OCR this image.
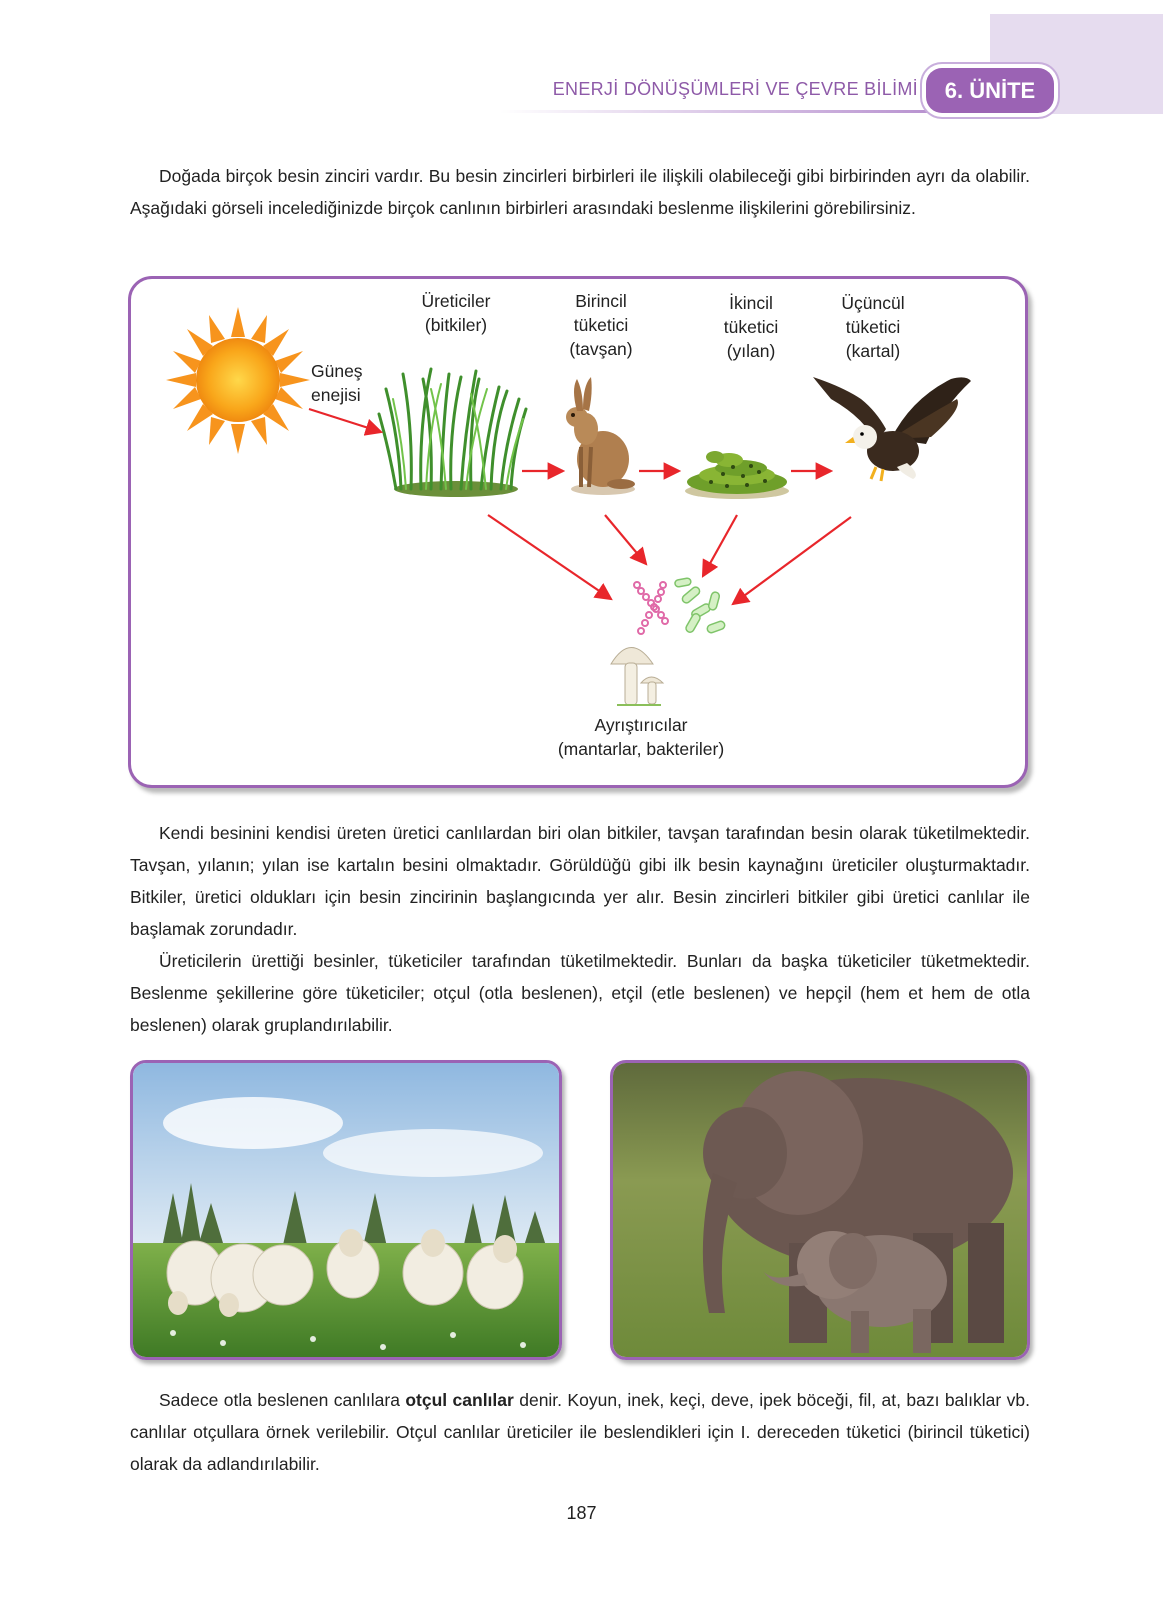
ENERJİ DÖNÜŞÜMLERİ VE ÇEVRE BİLİMİ	6. ÜNİTE

Doğada birçok besin zinciri vardır. Bu besin zincirleri birbirleri ile ilişkili olabileceği gibi birbirinden ayrı da olabilir. Aşağıdaki görseli incelediğinizde birçok canlının birbirleri arasındaki beslenme ilişkilerini görebilirsiniz.

Güneş
enejisi
Üreticiler
(bitkiler)
Birincil
tüketici
(tavşan)
İkincil
tüketici
(yılan)
Üçüncül
tüketici
(kartal)
Ayrıştırıcılar
(mantarlar, bakteriler)

Kendi besinini kendisi üreten üretici canlılardan biri olan bitkiler, tavşan tarafından besin olarak tüketilmektedir. Tavşan, yılanın; yılan ise kartalın besini olmaktadır. Görüldüğü gibi ilk besin kaynağını üreticiler oluşturmaktadır. Bitkiler, üretici oldukları için besin zincirinin başlangıcında yer alır. Besin zincirleri bitkiler gibi üretici canlılar ile başlamak zorundadır.

Üreticilerin ürettiği besinler, tüketiciler tarafından tüketilmektedir. Bunları da başka tüketiciler tüketmektedir. Beslenme şekillerine göre tüketiciler; otçul (otla beslenen), etçil (etle beslenen) ve hepçil (hem et hem de otla beslenen) olarak gruplandırılabilir.

Sadece otla beslenen canlılara otçul canlılar denir. Koyun, inek, keçi, deve, ipek böceği, fil, at, bazı balıklar vb. canlılar otçullara örnek verilebilir. Otçul canlılar üreticiler ile beslendikleri için I. dereceden tüketici (birincil tüketici) olarak da adlandırılabilir.

187
